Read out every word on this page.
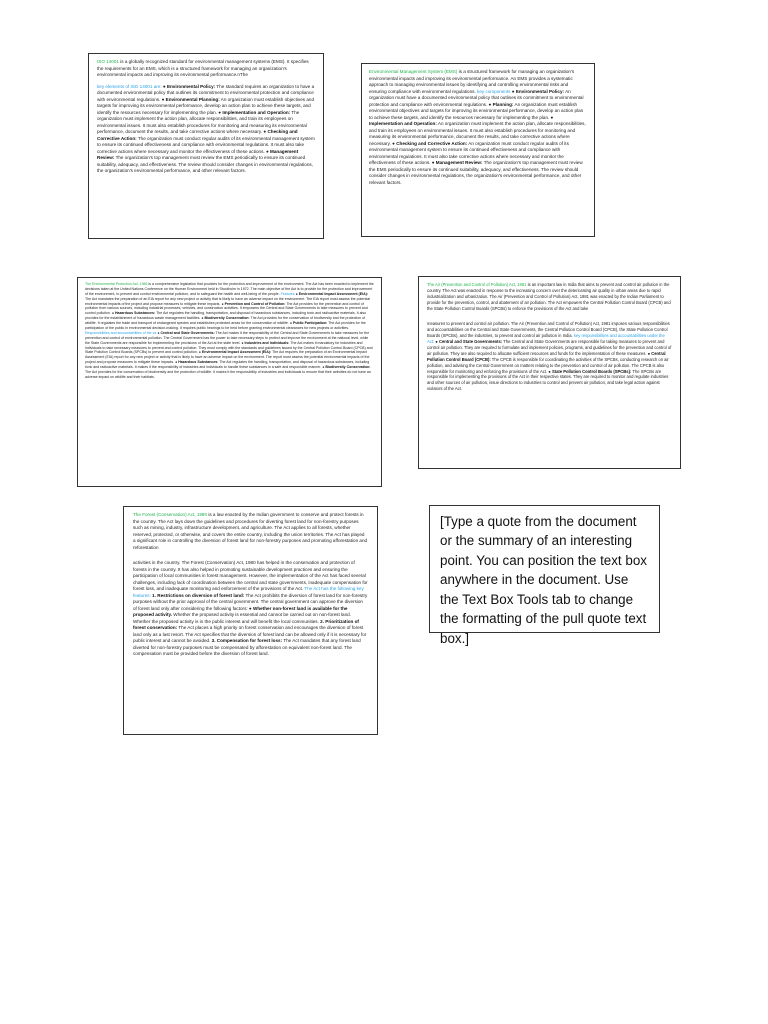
ISO 14001 is a globally recognized standard for environmental management systems (EMS). It specifies the requirements for an EMS, which is a structured framework for managing an organization's environmental impacts and improving its environmental performance.nThe

key elements of ISO 14001 are: ● Environmental Policy: The standard requires an organization to have a documented environmental policy that outlines its commitment to environmental protection and compliance with environmental regulations. ● Environmental Planning: An organization must establish objectives and targets for improving its environmental performance, develop an action plan to achieve these targets, and identify the resources necessary for implementing the plan. ● Implementation and Operation: The organization must implement the action plan, allocate responsibilities, and train its employees on environmental issues. It must also establish procedures for monitoring and measuring its environmental performance, document the results, and take corrective actions where necessary. ● Checking and Corrective Action: The organization must conduct regular audits of its environmental management system to ensure its continued effectiveness and compliance with environmental regulations. It must also take corrective actions where necessary and monitor the effectiveness of these actions. ● Management Review: The organization's top management must review the EMS periodically to ensure its continued suitability, adequacy, and effectiveness. The review should consider changes in environmental regulations, the organization's environmental performance, and other relevant factors.

Environmental Management System (EMS) is a structured framework for managing an organization's environmental impacts and improving its environmental performance. An EMS provides a systematic approach to managing environmental issues by identifying and controlling environmental risks and ensuring compliance with environmental regulations. key components ● Environmental Policy: An organization must have a documented environmental policy that outlines its commitment to environmental protection and compliance with environmental regulations. ● Planning: An organization must establish environmental objectives and targets for improving its environmental performance, develop an action plan to achieve these targets, and identify the resources necessary for implementing the plan. ● Implementation and Operation: An organization must implement the action plan, allocate responsibilities, and train its employees on environmental issues. It must also establish procedures for monitoring and measuring its environmental performance, document the results, and take corrective actions where necessary. ● Checking and Corrective Action: An organization must conduct regular audits of its environmental management system to ensure its continued effectiveness and compliance with environmental regulations. It must also take corrective actions where necessary and monitor the effectiveness of these actions. ● Management Review: The organization's top management must review the EMS periodically to ensure its continued suitability, adequacy, and effectiveness. The review should consider changes in environmental regulations, the organization's environmental performance, and other relevant factors.

The Environmental Protection Act, 1986 is a comprehensive legislation that provides for the protection and improvement of the environment. The Act has been enacted to implement the decisions taken at the United Nations Conference on the Human Environment held in Stockholm in 1972. The main objective of the Act is to provide for the protection and improvement of the environment, to prevent and control environmental pollution, and to safeguard the health and well-being of the people. Features ● Environmental Impact Assessment (EIA): The Act mandates the preparation of an EIA report for any new project or activity that is likely to have an adverse impact on the environment. The EIA report must assess the potential environmental impacts of the project and propose measures to mitigate these impacts. ● Prevention and Control of Pollution: The Act provides for the prevention and control of pollution from various sources, including industrial processes, vehicles, and construction activities. It empowers the Central and State Governments to take measures to prevent and control pollution. ● Hazardous Substances: The Act regulates the handling, transportation, and disposal of hazardous substances, including toxic and radioactive materials. It also provides for the establishment of hazardous waste management facilities. ● Biodiversity Conservation: The Act provides for the conservation of biodiversity and the protection of wildlife. It regulates the trade and transport of endangered species and establishes protected areas for the conservation of wildlife. ● Public Participation: The Act provides for the participation of the public in environmental decision-making. It requires public hearings to be held before granting environmental clearances for new projects or activities. Responsibilities and accountabilities of the ca ● Central and State Governments: The Act makes it the responsibility of the Central and State Governments to take measures for the prevention and control of environmental pollution. The Central Government has the power to take necessary steps to protect and improve the environment at the national level, while the State Governments are responsible for implementing the provisions of the Act at the state level. ● Industries and Individuals: The Act makes it mandatory for industries and individuals to take necessary measures to prevent and control pollution. They must comply with the standards and guidelines issued by the Central Pollution Control Board (CPCB) and State Pollution Control Boards (SPCBs) to prevent and control pollution. ● Environmental Impact Assessment (EIA): The Act requires the preparation of an Environmental Impact Assessment (EIA) report for any new project or activity that is likely to have an adverse impact on the environment. The report must assess the potential environmental impacts of the project and propose measures to mitigate these impacts. ● Hazardous Substances: The Act regulates the handling, transportation, and disposal of hazardous substances, including toxic and radioactive materials. It makes it the responsibility of industries and individuals to handle these substances in a safe and responsible manner. ● Biodiversity Conservation: The Act provides for the conservation of biodiversity and the protection of wildlife. It makes it the responsibility of industries and individuals to ensure that their activities do not have an adverse impact on wildlife and their habitats.

The Air (Prevention and Control of Pollution) Act, 1981 is an important law in India that aims to prevent and control air pollution in the country. The Act was enacted in response to the increasing concern over the deteriorating air quality in urban areas due to rapid industrialization and urbanization. The Air (Prevention and Control of Pollution) Act, 1981 was enacted by the Indian Parliament to provide for the prevention, control, and abatement of air pollution. The Act empowers the Central Pollution Control Board (CPCB) and the State Pollution Control Boards (SPCBs) to enforce the provisions of the Act and take

measures to prevent and control air pollution. The Air (Prevention and Control of Pollution) Act, 1981 imposes various responsibilities and accountabilities on the Central and State Governments, the Central Pollution Control Board (CPCB), the State Pollution Control Boards (SPCBs), and the industries, to prevent and control air pollution in India. key responsibilities and accountabilities under the Act: ● Central and State Governments: The Central and State Governments are responsible for taking measures to prevent and control air pollution. They are required to formulate and implement policies, programs, and guidelines for the prevention and control of air pollution. They are also required to allocate sufficient resources and funds for the implementation of these measures. ● Central Pollution Control Board (CPCB): The CPCB is responsible for coordinating the activities of the SPCBs, conducting research on air pollution, and advising the Central Government on matters relating to the prevention and control of air pollution. The CPCB is also responsible for monitoring and enforcing the provisions of the Act. ● State Pollution Control Boards (SPCBs): The SPCBs are responsible for implementing the provisions of the Act in their respective states. They are required to monitor and regulate industries and other sources of air pollution, issue directions to industries to control and prevent air pollution, and take legal action against violators of the Act.

The Forest (Conservation) Act, 1980 is a law enacted by the Indian government to conserve and protect forests in the country. The Act lays down the guidelines and procedures for diverting forest land for non-forestry purposes such as mining, industry, infrastructure development, and agriculture. The Act applies to all forests, whether reserved, protected, or otherwise, and covers the entire country, including the union territories. The Act has played a significant role in controlling the diversion of forest land for non-forestry purposes and promoting afforestation and reforestation

activities in the country. The Forest (Conservation) Act, 1980 has helped in the conservation and protection of forests in the country. It has also helped in promoting sustainable development practices and ensuring the participation of local communities in forest management. However, the implementation of the Act has faced several challenges, including lack of coordination between the central and state governments, inadequate compensation for forest loss, and inadequate monitoring and enforcement of the provisions of the Act. The Act has the following key features: 1. Restrictions on diversion of forest land: The Act prohibits the diversion of forest land for non-forestry purposes without the prior approval of the central government. The central government can approve the diversion of forest land only after considering the following factors: ● Whether non-forest land is available for the proposed activity. Whether the proposed activity is essential and cannot be carried out on non-forest land. Whether the proposed activity is in the public interest and will benefit the local communities. 2. Prioritization of forest conservation: The Act places a high priority on forest conservation and encourages the diversion of forest land only as a last resort. The Act specifies that the diversion of forest land can be allowed only if it is necessary for public interest and cannot be avoided. 3. Compensation for forest loss: The Act mandates that any forest land diverted for non-forestry purposes must be compensated by afforestation on equivalent non-forest land. The compensation must be provided before the diversion of forest land.

[Type a quote from the document or the summary of an interesting point. You can position the text box anywhere in the document. Use the Text Box Tools tab to change the formatting of the pull quote text box.]
